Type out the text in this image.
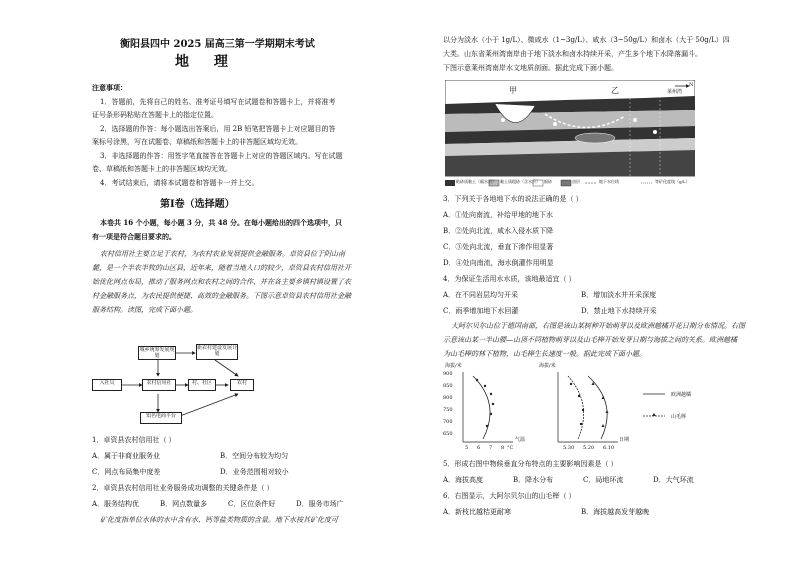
衡阳县四中 2025 届高三第一学期期末考试
地 理
注意事项：
1．答题前，先将自己的姓名、准考证号填写在试题卷和答题卡上，并将准考
证号条形码粘贴在答题卡上的指定位置。
2．选择题的作答：每小题选出答案后，用 2B 铅笔把答题卡上对应题目的答
案标号涂黑，写在试题卷、草稿纸和答题卡上的非答题区域均无效。
3．非选择题的作答：用签字笔直接答在答题卡上对应的答题区域内。写在试题
卷、草稿纸和答题卡上的非答题区域均无效。
4．考试结束后，请将本试题卷和答题卡一并上交。
第Ⅰ卷（选择题）
本卷共 16 个小题，每小题 3 分，共 48 分。在每小题给出的四个选项中，只
有一项是符合题目要求的。
农村信用社主要立足于农村，为农村农业发展提供金融服务。卓资县位于阴山南
麓，是一个半农半牧的山区县，近年来，随着当地人口的较少，卓资县农村信用社开
始优化网点布局，推动了服务网点和农村之间的合作，并在各主要乡镇村镇设置了农
村金融服务点，为农民提供便捷、高效的金融服务。下图示意卓资县农村信用社金融
服务结构。读图，完成下面小题。
城乡统筹发展规划
新农村建设发展计划
入社员	农村信用社	村、社区	农村
知名电商平台
1．卓资县农村信用社（ ）
A．属于非商业服务业	B．空间分布较为均匀
C．网点布局集中度差	D．业务范围相对较小
2．卓资县农村信用社业务服务成功调整的关键条件是（ ）
A．服务结构优	B．网点数量多	C．区位条件好	D．服务市场广
矿化度指单位水体的水中含有水、钙等盐类物质的含量。地下水按其矿化度可
以分为淡水（小于 1g/L）、微咸水（1~3g/L）、咸水（3~50g/L）和卤水（大于 50g/L）四
大类。山东省莱州湾南岸由于地下淡水和卤水持续开采，产生多个地下水降落漏斗。
下图示意莱州湾南岸水文地质剖面。据此完成下面小题。
甲	乙
N
莱州湾
粘砂质黏土（隔水层） 黏土质粗砂（含水层） 细砂	卤层	地下水位线	等矿化度线（g/L）
3．下列关于各地地下水的说法正确的是（ ）
A．①处向南流，补给甲地的地下水
B．②处向北流，咸水入侵水质下降
C．③处向北流，垂直下渗作用显著
D．④处向南流，海水倒灌作用明显
4．为保证生活用水水质，该地最适宜（ ）
A．在不同岩层均匀开采	B．增加淡水井开采深度
C．雨季增加地下水回灌	D．禁止地下水持续开采
大阿尔贝尔山位于德国南部，右图是该山某树种开始萌芽以及欧洲越橘开花日期分布情况。右图
示意该山某一半山腰—山顶不同植物萌芽以及山毛榉开始发芽日期与海拔之间的关系。欧洲越橘
为山毛榉的林下植物，山毛榉生长速度一般。据此完成下面小题。
海拔/米
900
850
800
750
700
650
5 6 7 8 °C
气温
海拔/米
5.30 5.20 6.10
日期
欧洲越橘
山毛榉
5．形成右图中物候垂直分布特点的主要影响因素是（ ）
A．海拔高度	B．降水分布	C．局地环流	D．大气环流
6．右图显示，大阿尔贝尔山的山毛榉（ ）
A．新枝比越桔更耐寒	B．海拔越高发芽越晚
